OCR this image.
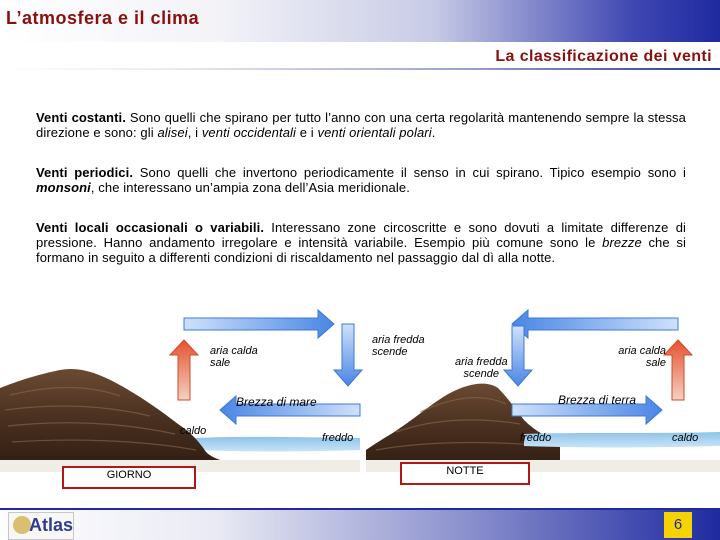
L’atmosfera e il clima
La classificazione dei venti
Venti costanti. Sono quelli che spirano per tutto l’anno con una certa regolarità mantenendo sempre la stessa direzione e sono: gli alisei, i venti occidentali e i venti orientali polari.
Venti periodici. Sono quelli che invertono periodicamente il senso in cui spirano. Tipico esempio sono i monsoni, che interessano un’ampia zona dell’Asia meridionale.
Venti locali occasionali o variabili. Interessano zone circoscritte e sono dovuti a limitate differenze di pressione. Hanno andamento irregolare e intensità variabile. Esempio più comune sono le brezze che si formano in seguito a differenti condizioni di riscaldamento nel passaggio dal dì alla notte.
aria calda
sale
aria fredda
scende
Brezza di mare
caldo
freddo
GIORNO
aria fredda
scende
aria calda
sale
Brezza di terra
freddo	caldo
NOTTE
Atlas	6
